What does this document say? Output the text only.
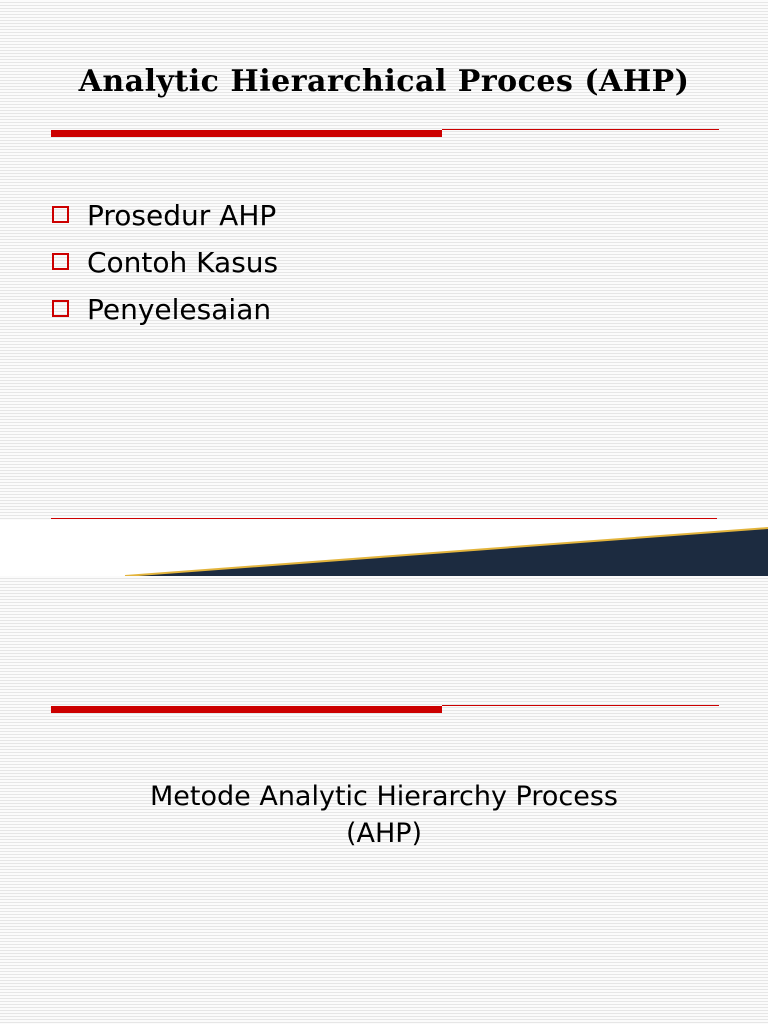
Analytic Hierarchical Proces (AHP)
Prosedur AHP
Contoh Kasus
Penyelesaian

Metode Analytic Hierarchy Process
(AHP)
